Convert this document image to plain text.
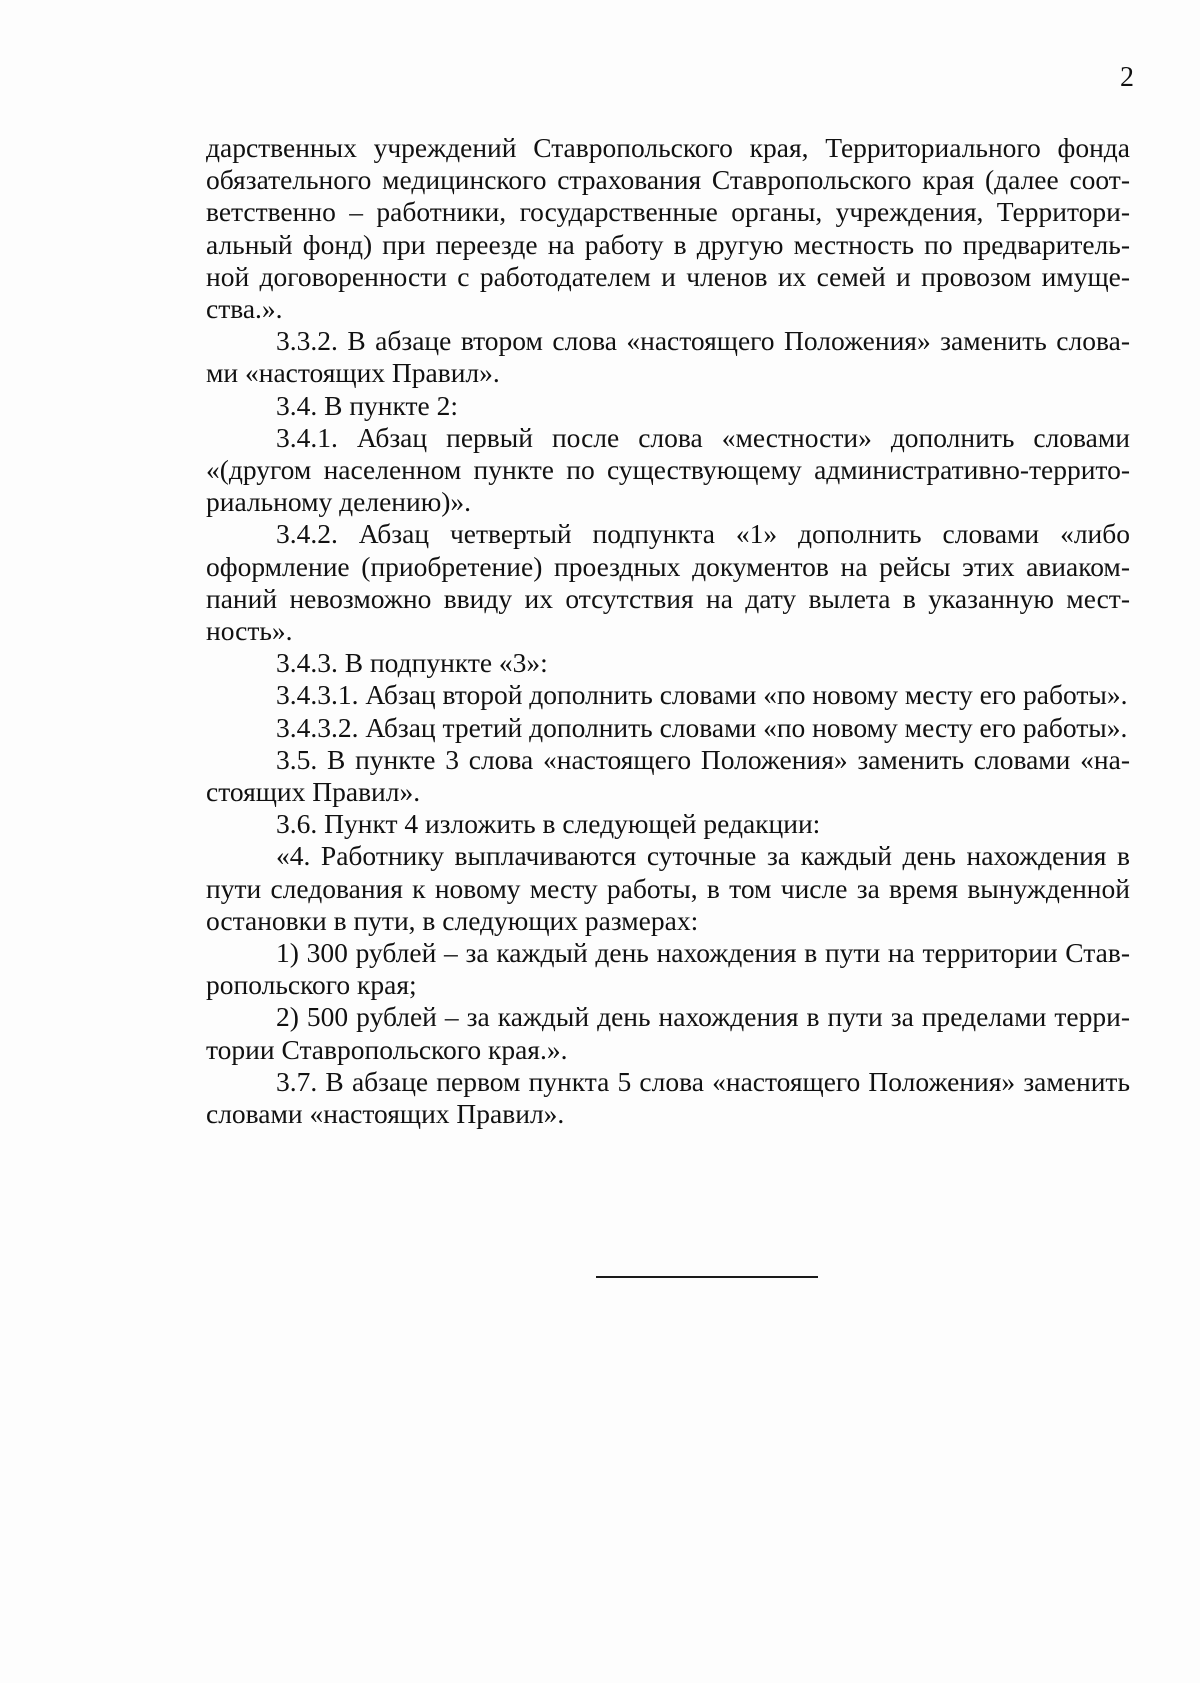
2

дарственных учреждений Ставропольского края, Территориального фонда обязательного медицинского страхования Ставропольского края (далее соответственно – работники, государственные органы, учреждения, Территориальный фонд) при переезде на работу в другую местность по предварительной договоренности с работодателем и членов их семей и провозом имущества.».

3.3.2. В абзаце втором слова «настоящего Положения» заменить словами «настоящих Правил».

3.4. В пункте 2:

3.4.1. Абзац первый после слова «местности» дополнить словами «(другом населенном пункте по существующему административно-территориальному делению)».

3.4.2. Абзац четвертый подпункта «1» дополнить словами «либо оформление (приобретение) проездных документов на рейсы этих авиакомпаний невозможно ввиду их отсутствия на дату вылета в указанную местность».

3.4.3. В подпункте «3»:

3.4.3.1. Абзац второй дополнить словами «по новому месту его работы».

3.4.3.2. Абзац третий дополнить словами «по новому месту его работы».

3.5. В пункте 3 слова «настоящего Положения» заменить словами «настоящих Правил».

3.6. Пункт 4 изложить в следующей редакции:

«4. Работнику выплачиваются суточные за каждый день нахождения в пути следования к новому месту работы, в том числе за время вынужденной остановки в пути, в следующих размерах:

1) 300 рублей – за каждый день нахождения в пути на территории Ставропольского края;

2) 500 рублей – за каждый день нахождения в пути за пределами территории Ставропольского края.».

3.7. В абзаце первом пункта 5 слова «настоящего Положения» заменить словами «настоящих Правил».
